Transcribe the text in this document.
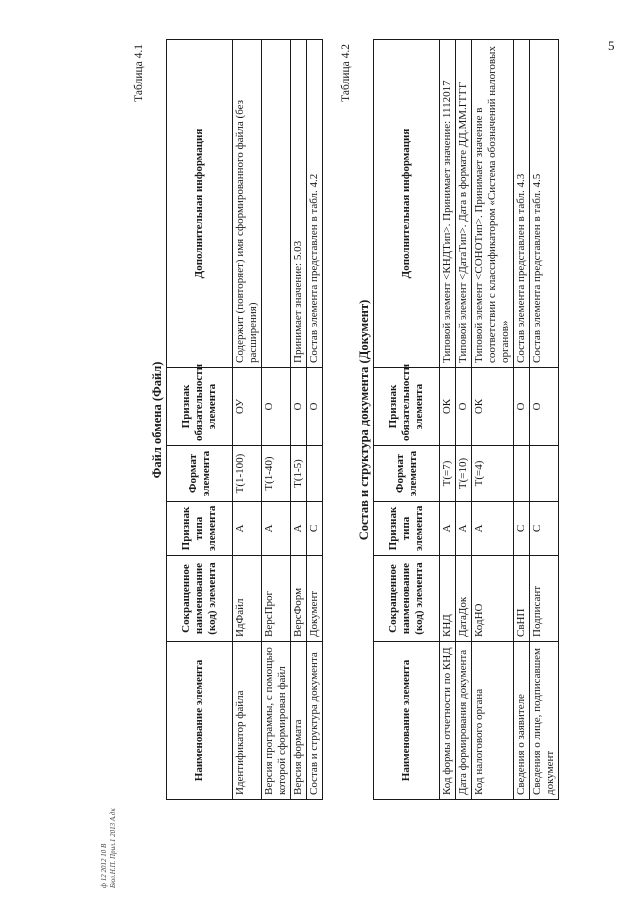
5
ф 12 2012 10 В Бюл.Н.П. Прил.1 2013 А.дк
Таблица 4.1
Файл обмена (Файл)
Наименование элемента	Сокращенное наименование (код) элемента	Признак типа элемента	Формат элемента	Признак обязательности элемента	Дополнительная информация
Идентификатор файла	ИдФайл	А	T(1-100)	ОУ	Содержит (повторяет) имя сформированного файла (без расширения)
Версия программы, с помощью которой сформирован файл	ВерсПрог	А	T(1-40)	О	
Версия формата	ВерсФорм	А	T(1-5)	О	Принимает значение: 5.03
Состав и структура документа	Документ	С		О	Состав элемента представлен в табл. 4.2
Таблица 4.2
Состав и структура документа (Документ)
Наименование элемента	Сокращенное наименование (код) элемента	Признак типа элемента	Формат элемента	Признак обязательности элемента	Дополнительная информация
Код формы отчетности по КНД	КНД	А	T(=7)	ОК	Типовой элемент <КНДТип>. Принимает значение: 1112017
Дата формирования документа	ДатаДок	А	T(=10)	О	Типовой элемент <ДатаТип>. Дата в формате ДД.ММ.ГГГГ
Код налогового органа	КодНО	А	T(=4)	ОК	Типовой элемент <СОНОТип>. Принимает значение в соответствии с классификатором «Система обозначений налоговых органов»
Сведения о заявителе	СвНП	С		О	Состав элемента представлен в табл. 4.3
Сведения о лице, подписавшем документ	Подписант	С		О	Состав элемента представлен в табл. 4.5
